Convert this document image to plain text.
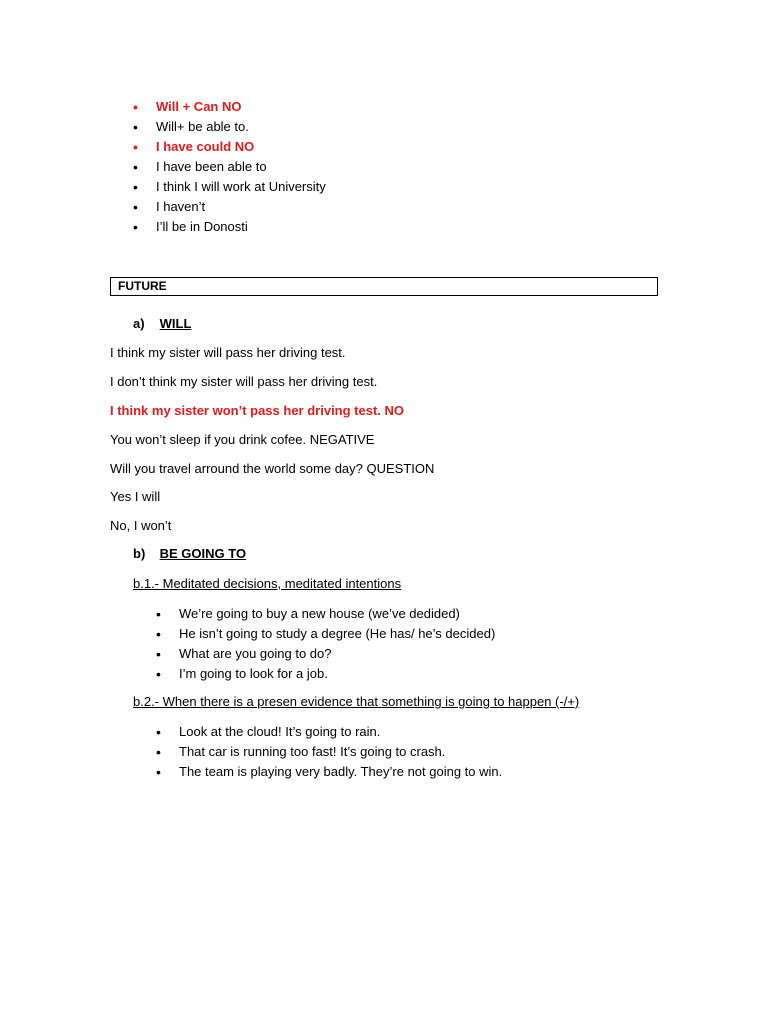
• Will + Can NO
• Will+ be able to.
• I have could NO
• I have been able to
• I think I will work at University
• I haven’t
• I’ll be in Donosti
FUTURE
a) WILL
I think my sister will pass her driving test.
I don’t think my sister will pass her driving test.
I think my sister won’t pass her driving test. NO
You won’t sleep if you drink cofee. NEGATIVE
Will you travel arround the world some day? QUESTION
Yes I will
No, I won’t
b) BE GOING TO
b.1.- Meditated decisions, meditated intentions
• We’re going to buy a new house (we’ve dedided)
• He isn’t going to study a degree (He has/ he’s decided)
• What are you going to do?
• I’m going to look for a job.
b.2.- When there is a presen evidence that something is going to happen (-/+)
• Look at the cloud! It’s going to rain.
• That car is running too fast! It’s going to crash.
• The team is playing very badly. They’re not going to win.
